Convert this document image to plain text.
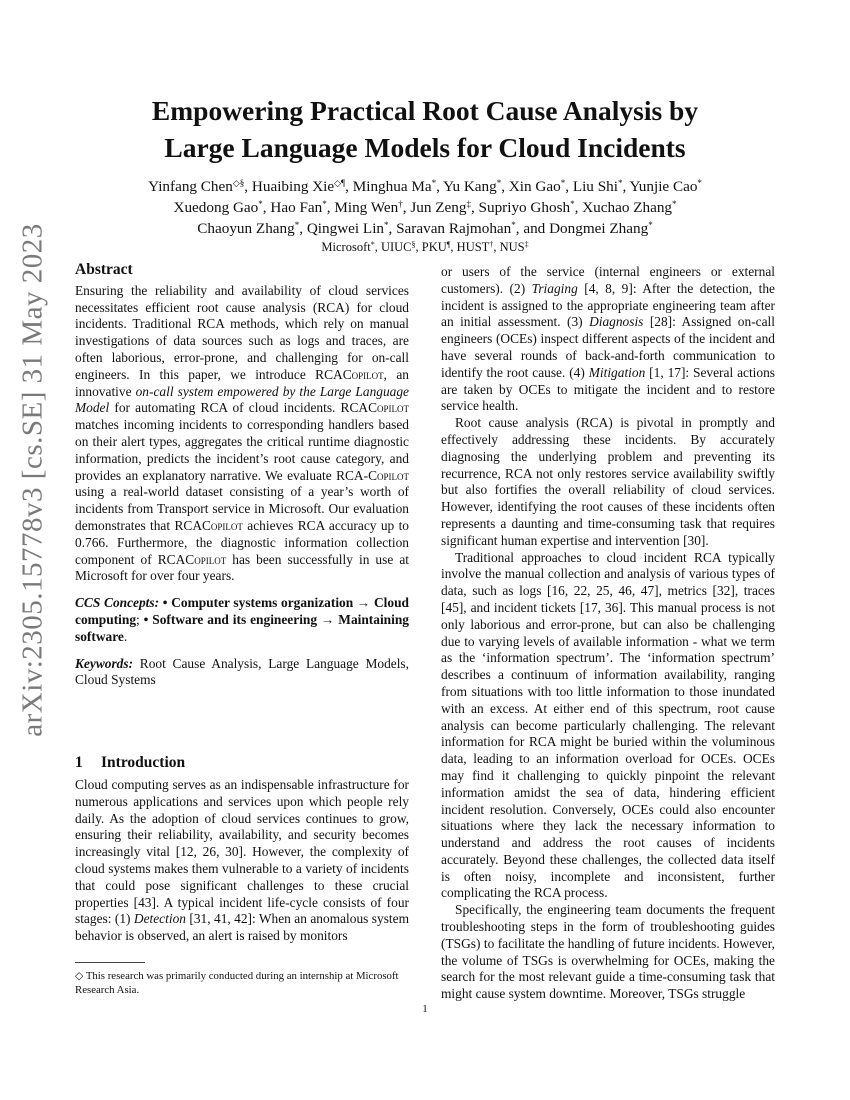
arXiv:2305.15778v3 [cs.SE] 31 May 2023
Empowering Practical Root Cause Analysis by
Large Language Models for Cloud Incidents
Yinfang Chen◇§, Huaibing Xie◇¶, Minghua Ma*, Yu Kang*, Xin Gao*, Liu Shi*, Yunjie Cao*
Xuedong Gao*, Hao Fan*, Ming Wen†, Jun Zeng‡, Supriyo Ghosh*, Xuchao Zhang*
Chaoyun Zhang*, Qingwei Lin*, Saravan Rajmohan*, and Dongmei Zhang*
Microsoft*, UIUC§, PKU¶, HUST†, NUS‡
Abstract

Ensuring the reliability and availability of cloud services necessitates efficient root cause analysis (RCA) for cloud incidents. Traditional RCA methods, which rely on manual investigations of data sources such as logs and traces, are often laborious, error-prone, and challenging for on-call engineers. In this paper, we introduce RCACopilot, an innovative on-call system empowered by the Large Language Model for automating RCA of cloud incidents. RCACopilot matches incoming incidents to corresponding handlers based on their alert types, aggregates the critical runtime diagnostic information, predicts the incident’s root cause category, and provides an explanatory narrative. We evaluate RCA-Copilot using a real-world dataset consisting of a year’s worth of incidents from Transport service in Microsoft. Our evaluation demonstrates that RCACopilot achieves RCA accuracy up to 0.766. Furthermore, the diagnostic information collection component of RCACopilot has been successfully in use at Microsoft for over four years.

CCS Concepts: • Computer systems organization → Cloud computing; • Software and its engineering → Maintaining software.

Keywords: Root Cause Analysis, Large Language Models, Cloud Systems

1 Introduction

Cloud computing serves as an indispensable infrastructure for numerous applications and services upon which people rely daily. As the adoption of cloud services continues to grow, ensuring their reliability, availability, and security becomes increasingly vital [12, 26, 30]. However, the complexity of cloud systems makes them vulnerable to a variety of incidents that could pose significant challenges to these crucial properties [43]. A typical incident life-cycle consists of four stages: (1) Detection [31, 41, 42]: When an anomalous system behavior is observed, an alert is raised by monitors

or users of the service (internal engineers or external customers). (2) Triaging [4, 8, 9]: After the detection, the incident is assigned to the appropriate engineering team after an initial assessment. (3) Diagnosis [28]: Assigned on-call engineers (OCEs) inspect different aspects of the incident and have several rounds of back-and-forth communication to identify the root cause. (4) Mitigation [1, 17]: Several actions are taken by OCEs to mitigate the incident and to restore service health.

Root cause analysis (RCA) is pivotal in promptly and effectively addressing these incidents. By accurately diagnosing the underlying problem and preventing its recurrence, RCA not only restores service availability swiftly but also fortifies the overall reliability of cloud services. However, identifying the root causes of these incidents often represents a daunting and time-consuming task that requires significant human expertise and intervention [30].

Traditional approaches to cloud incident RCA typically involve the manual collection and analysis of various types of data, such as logs [16, 22, 25, 46, 47], metrics [32], traces [45], and incident tickets [17, 36]. This manual process is not only laborious and error-prone, but can also be challenging due to varying levels of available information - what we term as the ‘information spectrum’. The ‘information spectrum’ describes a continuum of information availability, ranging from situations with too little information to those inundated with an excess. At either end of this spectrum, root cause analysis can become particularly challenging. The relevant information for RCA might be buried within the voluminous data, leading to an information overload for OCEs. OCEs may find it challenging to quickly pinpoint the relevant information amidst the sea of data, hindering efficient incident resolution. Conversely, OCEs could also encounter situations where they lack the necessary information to understand and address the root causes of incidents accurately. Beyond these challenges, the collected data itself is often noisy, incomplete and inconsistent, further complicating the RCA process.

Specifically, the engineering team documents the frequent troubleshooting steps in the form of troubleshooting guides (TSGs) to facilitate the handling of future incidents. However, the volume of TSGs is overwhelming for OCEs, making the search for the most relevant guide a time-consuming task that might cause system downtime. Moreover, TSGs struggle

◇ This research was primarily conducted during an internship at Microsoft Research Asia.
1
